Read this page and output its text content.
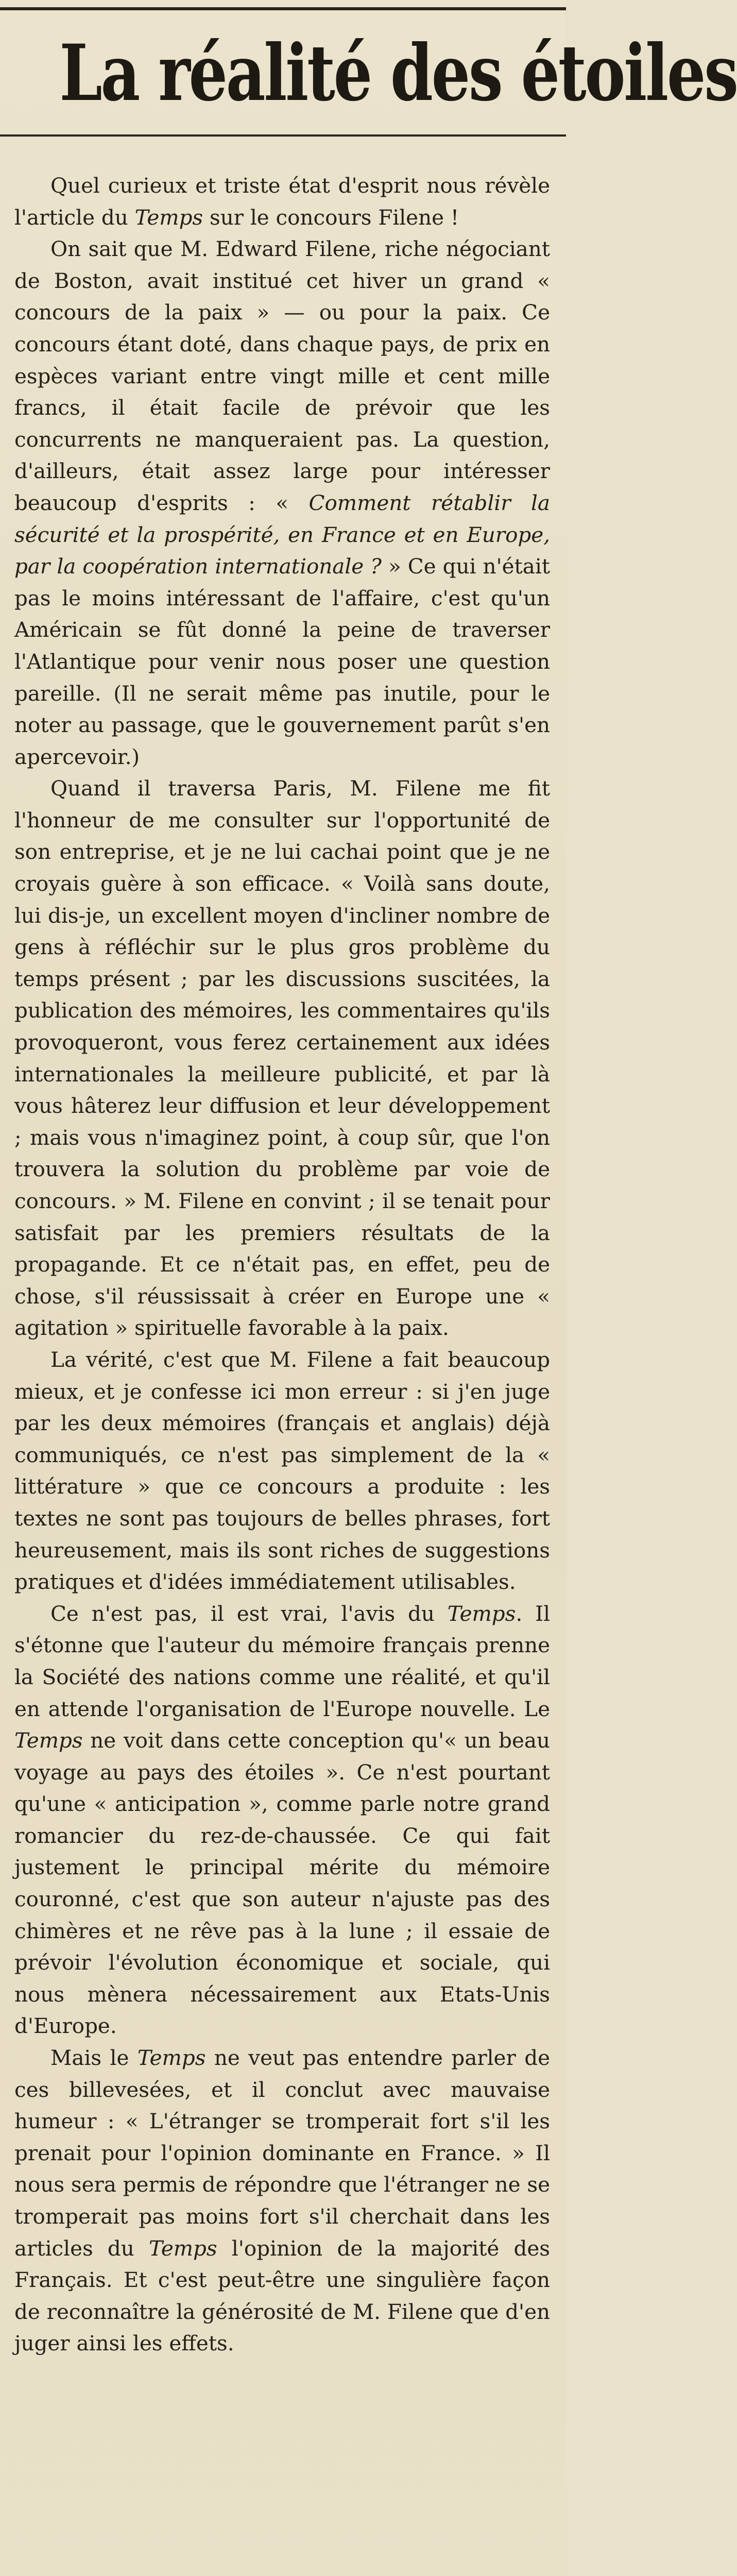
La réalité des étoiles

Quel curieux et triste état d'esprit nous révèle l'article du Temps sur le concours Filene !

On sait que M. Edward Filene, riche négociant de Boston, avait institué cet hiver un grand « concours de la paix » — ou pour la paix. Ce concours étant doté, dans chaque pays, de prix en espèces variant entre vingt mille et cent mille francs, il était facile de prévoir que les concurrents ne manqueraient pas. La question, d'ailleurs, était assez large pour intéresser beaucoup d'esprits : « Comment rétablir la sécurité et la prospérité, en France et en Europe, par la coopération internationale ? » Ce qui n'était pas le moins intéressant de l'affaire, c'est qu'un Américain se fût donné la peine de traverser l'Atlantique pour venir nous poser une question pareille. (Il ne serait même pas inutile, pour le noter au passage, que le gouvernement parût s'en apercevoir.)

Quand il traversa Paris, M. Filene me fit l'honneur de me consulter sur l'opportunité de son entreprise, et je ne lui cachai point que je ne croyais guère à son efficace. « Voilà sans doute, lui dis-je, un excellent moyen d'incliner nombre de gens à réfléchir sur le plus gros problème du temps présent ; par les discussions suscitées, la publication des mémoires, les commentaires qu'ils provoqueront, vous ferez certainement aux idées internationales la meilleure publicité, et par là vous hâterez leur diffusion et leur développement ; mais vous n'imaginez point, à coup sûr, que l'on trouvera la solution du problème par voie de concours. » M. Filene en convint ; il se tenait pour satisfait par les premiers résultats de la propagande. Et ce n'était pas, en effet, peu de chose, s'il réussissait à créer en Europe une « agitation » spirituelle favorable à la paix.

La vérité, c'est que M. Filene a fait beaucoup mieux, et je confesse ici mon erreur : si j'en juge par les deux mémoires (français et anglais) déjà communiqués, ce n'est pas simplement de la « littérature » que ce concours a produite : les textes ne sont pas toujours de belles phrases, fort heureusement, mais ils sont riches de suggestions pratiques et d'idées immédiatement utilisables.

Ce n'est pas, il est vrai, l'avis du Temps. Il s'étonne que l'auteur du mémoire français prenne la Société des nations comme une réalité, et qu'il en attende l'organisation de l'Europe nouvelle. Le Temps ne voit dans cette conception qu'« un beau voyage au pays des étoiles ». Ce n'est pourtant qu'une « anticipation », comme parle notre grand romancier du rez-de-chaussée. Ce qui fait justement le principal mérite du mémoire couronné, c'est que son auteur n'ajuste pas des chimères et ne rêve pas à la lune ; il essaie de prévoir l'évolution économique et sociale, qui nous mènera nécessairement aux Etats-Unis d'Europe.

Mais le Temps ne veut pas entendre parler de ces billevesées, et il conclut avec mauvaise humeur : « L'étranger se tromperait fort s'il les prenait pour l'opinion dominante en France. » Il nous sera permis de répondre que l'étranger ne se tromperait pas moins fort s'il cherchait dans les articles du Temps l'opinion de la majorité des Français. Et c'est peut-être une singulière façon de reconnaître la générosité de M. Filene que d'en juger ainsi les effets.
